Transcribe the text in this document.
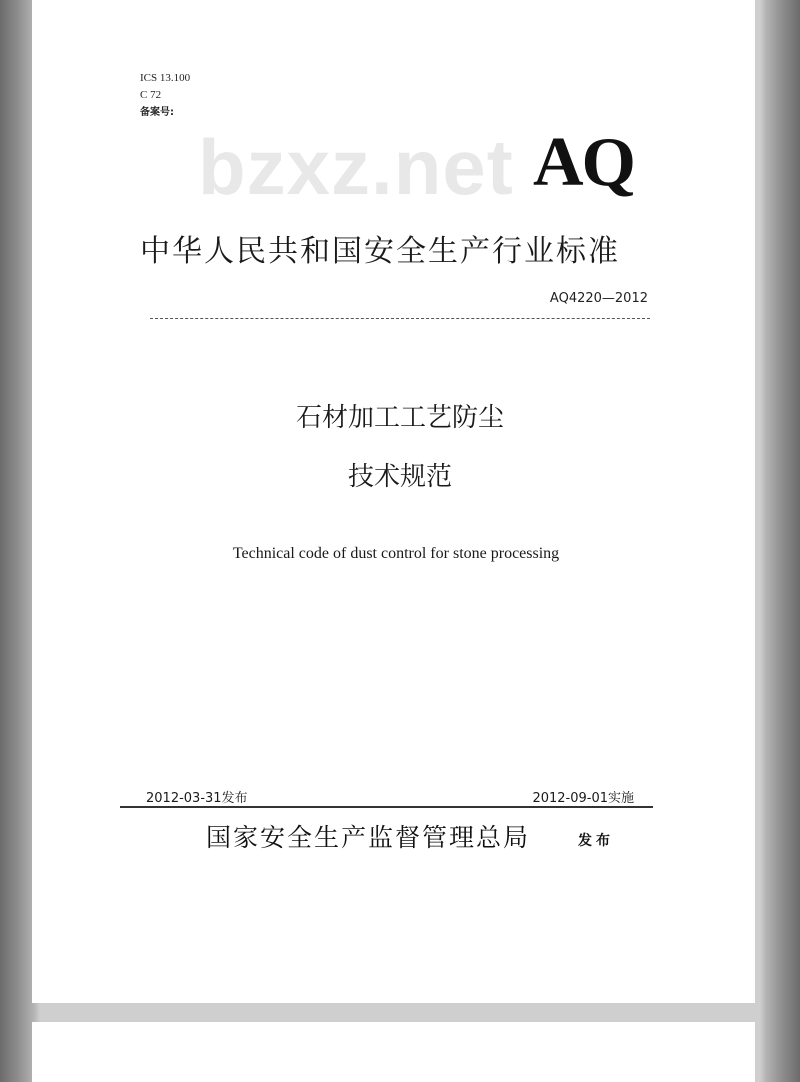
ICS 13.100
C 72
备案号:
bzxz.net AQ
中华人民共和国安全生产行业标准
AQ4220—2012
石材加工工艺防尘
技术规范
Technical code of dust control for stone processing
2012-03-31发布	2012-09-01实施
国家安全生产监督管理总局	发布
